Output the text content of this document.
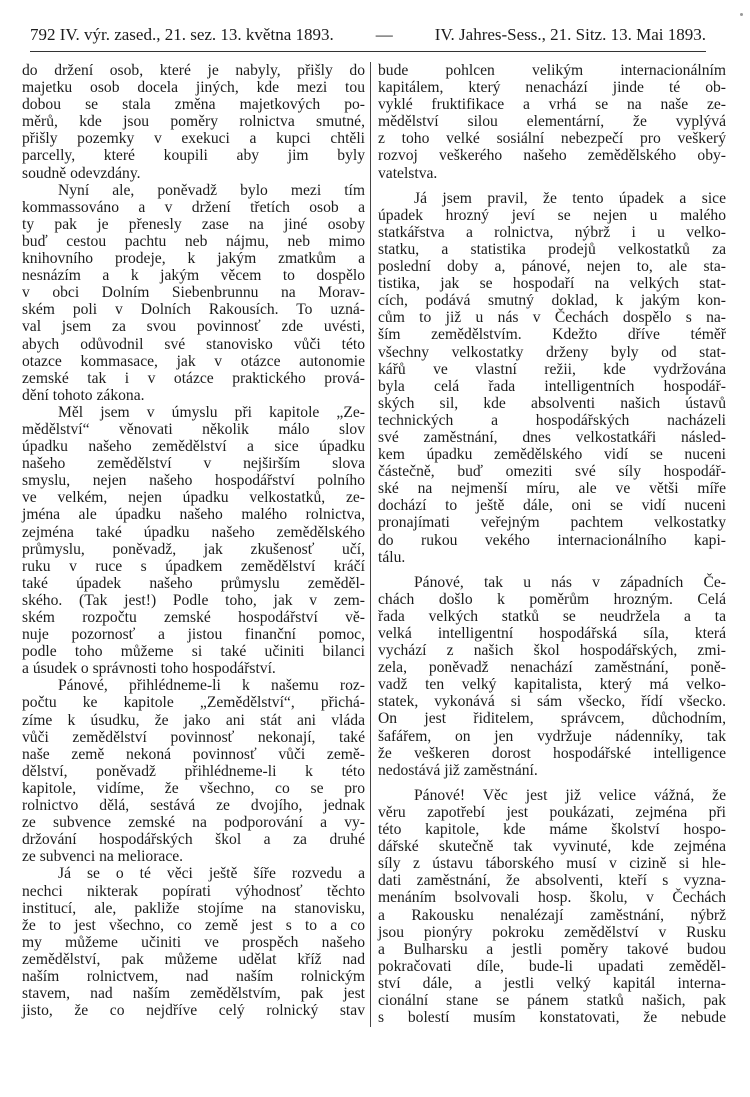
792 IV. výr. zased., 21. sez. 13. května 1893. — IV. Jahres-Sess., 21. Sitz. 13. Mai 1893.
do držení osob, které je nabyly, přišly do
majetku osob docela jiných, kde mezi tou
dobou se stala změna majetkových po-
měrů, kde jsou poměry rolnictva smutné,
přišly pozemky v exekuci a kupci chtěli
parcelly, které koupili aby jim byly
soudně odevzdány.
Nyní ale, poněvadž bylo mezi tím
kommassováno a v držení třetích osob a
ty pak je přenesly zase na jiné osoby
buď cestou pachtu neb nájmu, neb mimo
knihovního prodeje, k jakým zmatkům a
nesnázím a k jakým věcem to dospělo
v obci Dolním Siebenbrunnu na Morav-
ském poli v Dolních Rakousích. To uzná-
val jsem za svou povinnosť zde uvésti,
abych odůvodnil své stanovisko vůči této
otazce kommasace, jak v otázce autonomie
zemské tak i v otázce praktického prová-
dění tohoto zákona.
Měl jsem v úmyslu při kapitole „Ze-
mědělství“ věnovati několik málo slov
úpadku našeho zemědělství a sice úpadku
našeho zemědělství v nejširším slova
smyslu, nejen našeho hospodářství polního
ve velkém, nejen úpadku velkostatků, ze-
jména ale úpadku našeho malého rolnictva,
zejména také úpadku našeho zemědělského
průmyslu, poněvadž, jak zkušenosť učí,
ruku v ruce s úpadkem zemědělství kráčí
také úpadek našeho průmyslu zeměděl-
ského. (Tak jest!) Podle toho, jak v zem-
ském rozpočtu zemské hospodářství vě-
nuje pozornosť a jistou finanční pomoc,
podle toho můžeme si také učiniti bilanci
a úsudek o správnosti toho hospodářství.
Pánové, přihlédneme-li k našemu roz-
počtu ke kapitole „Zemědělství“, přichá-
zíme k úsudku, že jako ani stát ani vláda
vůči zemědělství povinnosť nekonají, také
naše země nekoná povinnosť vůči země-
dělství, poněvadž přihlédneme-li k této
kapitole, vidíme, že všechno, co se pro
rolnictvo dělá, sestává ze dvojího, jednak
ze subvence zemské na podporování a vy-
držování hospodářských škol a za druhé
ze subvenci na meliorace.
Já se o té věci ještě šíře rozvedu a
nechci nikterak popírati výhodnosť těchto
institucí, ale, pakliže stojíme na stanovisku,
že to jest všechno, co země jest s to a co
my můžeme učiniti ve prospěch našeho
zemědělství, pak můžeme udělat kříž nad
naším rolnictvem, nad naším rolnickým
stavem, nad naším zemědělstvím, pak jest
jisto, že co nejdříve celý rolnický stav
bude pohlcen velikým internacionálním
kapitálem, který nenachází jinde té ob-
vyklé fruktifikace a vrhá se na naše ze-
mědělství silou elementární, že vyplývá
z toho velké sosiální nebezpečí pro veškerý
rozvoj veškerého našeho zemědělského oby-
vatelstva.
Já jsem pravil, že tento úpadek a sice
úpadek hrozný jeví se nejen u malého
statkářstva a rolnictva, nýbrž i u velko-
statku, a statistika prodejů velkostatků za
poslední doby a, pánové, nejen to, ale sta-
tistika, jak se hospodaří na velkých stat-
cích, podává smutný doklad, k jakým kon-
cům to již u nás v Čechách dospělo s na-
ším zemědělstvím. Kdežto dříve téměř
všechny velkostatky drženy byly od stat-
kářů ve vlastní režii, kde vydržována
byla celá řada intelligentních hospodář-
ských sil, kde absolventi našich ústavů
technických a hospodářských nacházeli
své zaměstnání, dnes velkostatkáři násled-
kem úpadku zemědělského vidí se nuceni
částečně, buď omeziti své síly hospodář-
ské na nejmenší míru, ale ve větši míře
dochází to ještě dále, oni se vidí nuceni
pronajímati veřejným pachtem velkostatky
do rukou vekého internacionálního kapi-
tálu.
Pánové, tak u nás v západních Če-
chách došlo k poměrům hrozným. Celá
řada velkých statků se neudržela a ta
velká intelligentní hospodářská síla, která
vychází z našich škol hospodářských, zmi-
zela, poněvadž nenachází zaměstnání, poně-
vadž ten velký kapitalista, který má velko-
statek, vykonává si sám všecko, řídí všecko.
On jest řiditelem, správcem, důchodním,
šafářem, on jen vydržuje nádenníky, tak
že veškeren dorost hospodářské intelligence
nedostává již zaměstnání.
Pánové! Věc jest již velice vážná, že
věru zapotřebí jest poukázati, zejména při
této kapitole, kde máme školství hospo-
dářské skutečně tak vyvinuté, kde zejména
síly z ústavu táborského musí v cizině si hle-
dati zaměstnání, že absolventi, kteří s vyzna-
menáním bsolvovali hosp. školu, v Čechách
a Rakousku nenalézají zaměstnání, nýbrž
jsou pionýry pokroku zemědělství v Rusku
a Bulharsku a jestli poměry takové budou
pokračovati díle, bude-li upadati zeměděl-
ství dále, a jestli velký kapitál interna-
cionální stane se pánem statků našich, pak
s bolestí musím konstatovati, že nebude
